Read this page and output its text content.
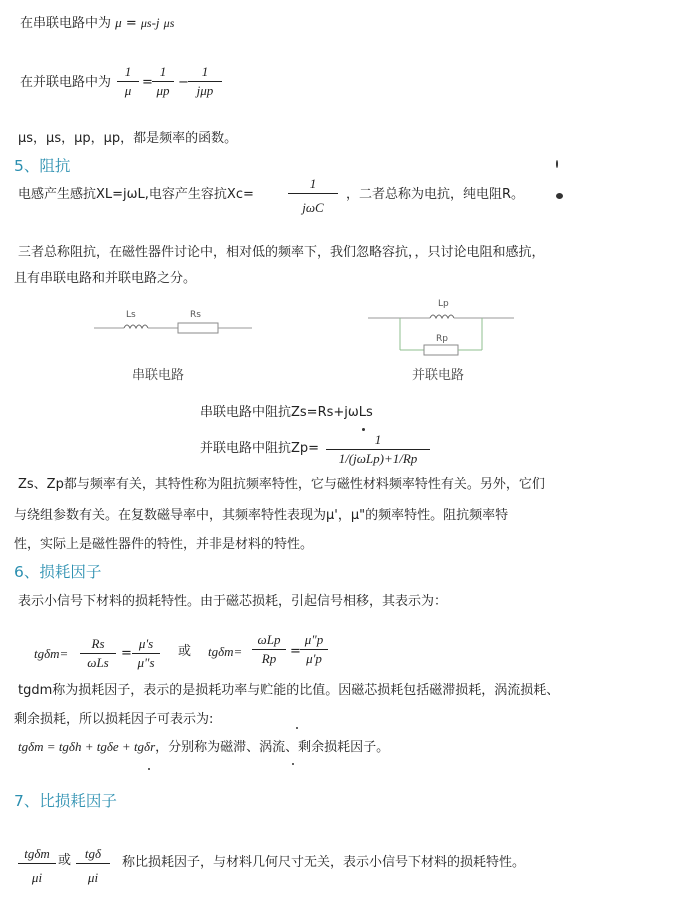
在串联电路中为 μ = μs-j μs
在并联电路中为 $\frac{1}{\mu} = \frac{1}{\mu p}$ −
1
jμp
μs，μs，μp，μp，都是频率的函数。
5、阻抗
电感产生感抗XL=jωL,电容产生容抗Xc=
1
jωC
，二者总称为电抗，纯电阻R。
三者总称阻抗，在磁性器件讨论中，相对低的频率下，我们忽略容抗，，只讨论电阻和感抗，
且有串联电路和并联电路之分。
Ls	Rs
串联电路
Lp
Rp
并联电路
串联电路中阻抗Zs=Rs+jωLs
并联电路中阻抗Zp=
1
1/(jωLp)+1/Rp
Zs、Zp都与频率有关，其特性称为阻抗频率特性，它与磁性材料频率特性有关。另外，它们
与绕组参数有关。在复数磁导率中，其频率特性表现为μ'，μ"的频率特性。阻抗频率特
性，实际上是磁性器件的特性，并非是材料的特性。
6、损耗因子
表示小信号下材料的损耗特性。由于磁芯损耗，引起信号相移，其表示为：
tgδm=
Rs
ωLs
= $\frac{\mu's}{\mu"s}$ 或 tgδm=
ωLp
Rp	= $\frac{\mu"p}{\mu'p}$
tgdm称为损耗因子，表示的是损耗功率与贮能的比值。因磁芯损耗包括磁滞损耗，涡流损耗、
剩余损耗，所以损耗因子可表示为:
tgδm = tgδh + tgδe + tgδr，分别称为磁滞、涡流、剩余损耗因子。
7、比损耗因子
tgδm
μi
或	tgδ
μi
称比损耗因子，与材料几何尺寸无关，表示小信号下材料的损耗特性。
